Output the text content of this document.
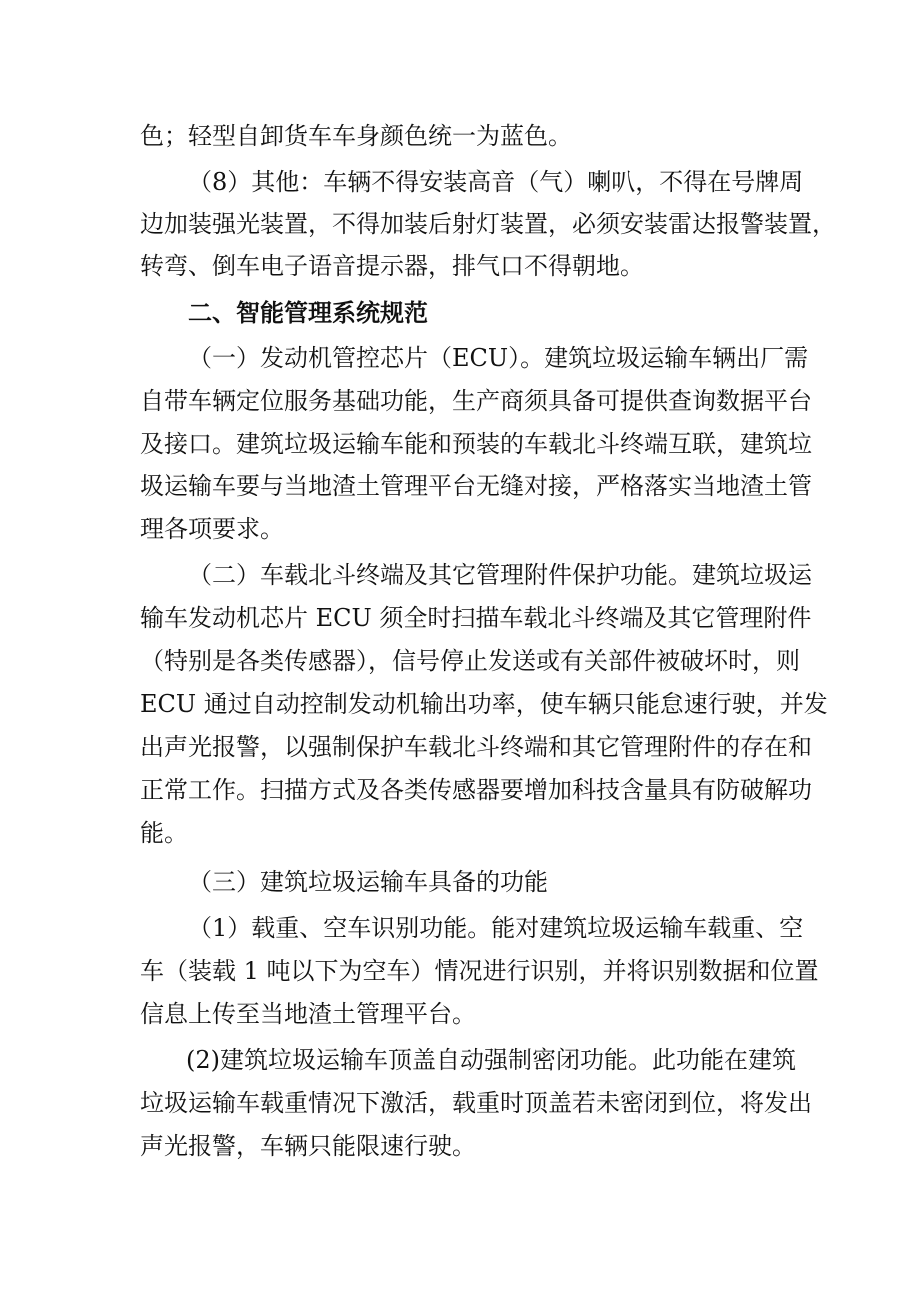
色；轻型自卸货车车身颜色统一为蓝色。
（8）其他：车辆不得安装高音（气）喇叭，不得在号牌周
边加装强光装置，不得加装后射灯装置，必须安装雷达报警装置，
转弯、倒车电子语音提示器，排气口不得朝地。
二、智能管理系统规范
（一）发动机管控芯片（ECU）。建筑垃圾运输车辆出厂需
自带车辆定位服务基础功能，生产商须具备可提供查询数据平台
及接口。建筑垃圾运输车能和预装的车载北斗终端互联，建筑垃
圾运输车要与当地渣土管理平台无缝对接，严格落实当地渣土管
理各项要求。
（二）车载北斗终端及其它管理附件保护功能。建筑垃圾运
输车发动机芯片 ECU 须全时扫描车载北斗终端及其它管理附件
（特别是各类传感器），信号停止发送或有关部件被破坏时，则
ECU 通过自动控制发动机输出功率，使车辆只能怠速行驶，并发
出声光报警，以强制保护车载北斗终端和其它管理附件的存在和
正常工作。扫描方式及各类传感器要增加科技含量具有防破解功
能。
（三）建筑垃圾运输车具备的功能
（1）载重、空车识别功能。能对建筑垃圾运输车载重、空
车（装载 1 吨以下为空车）情况进行识别，并将识别数据和位置
信息上传至当地渣土管理平台。
(2)建筑垃圾运输车顶盖自动强制密闭功能。此功能在建筑
垃圾运输车载重情况下激活，载重时顶盖若未密闭到位，将发出
声光报警，车辆只能限速行驶。
